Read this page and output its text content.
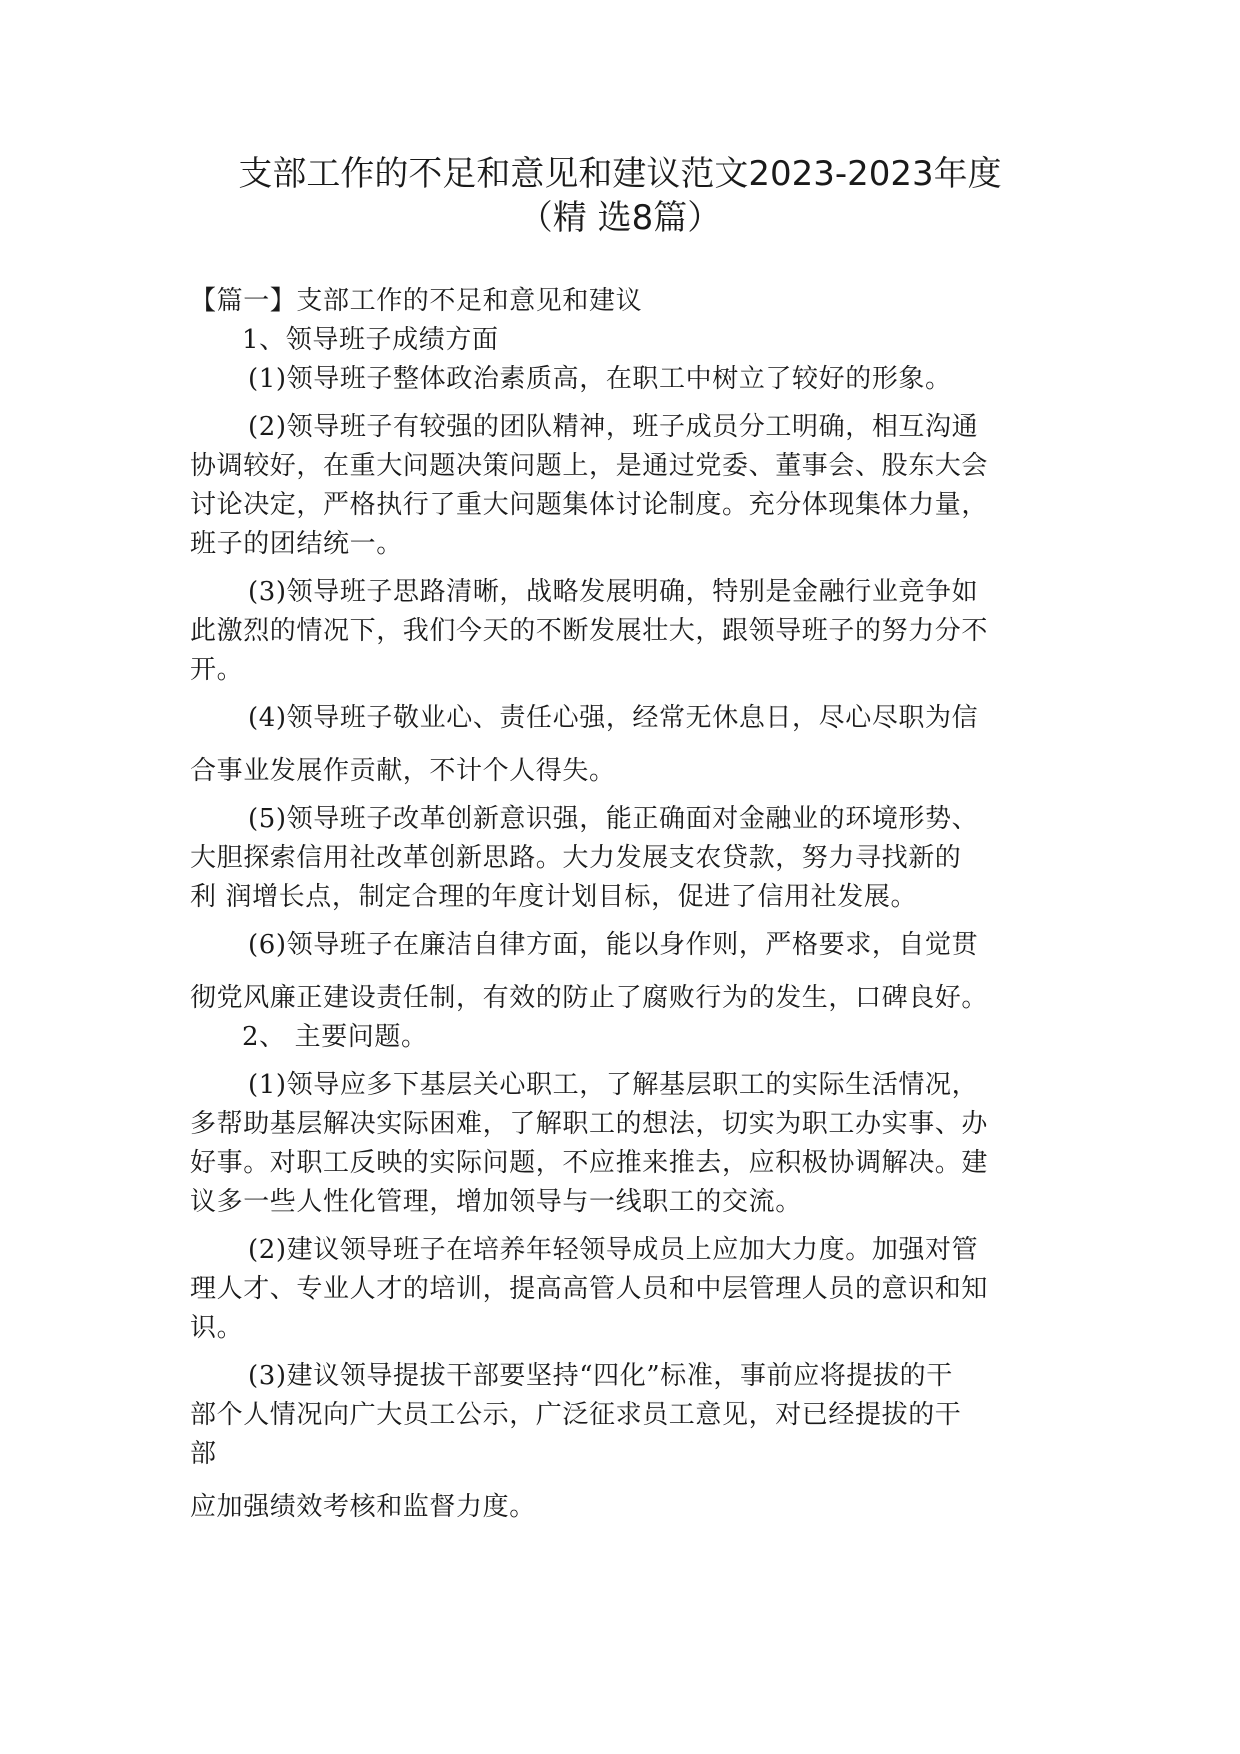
支部工作的不足和意见和建议范文2023-2023年度
（精 选8篇）

【篇一】支部工作的不足和意见和建议

1、领导班子成绩方面

(1)领导班子整体政治素质高，在职工中树立了较好的形象。

(2)领导班子有较强的团队精神，班子成员分工明确，相互沟通

协调较好，在重大问题决策问题上，是通过党委、董事会、股东大会

讨论决定，严格执行了重大问题集体讨论制度。充分体现集体力量，

班子的团结统一。

(3)领导班子思路清晰，战略发展明确，特别是金融行业竞争如

此激烈的情况下，我们今天的不断发展壮大，跟领导班子的努力分不

开。

(4)领导班子敬业心、责任心强，经常无休息日，尽心尽职为信

合事业发展作贡献，不计个人得失。

(5)领导班子改革创新意识强，能正确面对金融业的环境形势、

大胆探索信用社改革创新思路。大力发展支农贷款，努力寻找新的

利 润增长点，制定合理的年度计划目标，促进了信用社发展。

(6)领导班子在廉洁自律方面，能以身作则，严格要求，自觉贯

彻党风廉正建设责任制，有效的防止了腐败行为的发生，口碑良好。

2、 主要问题。

(1)领导应多下基层关心职工，了解基层职工的实际生活情况，

多帮助基层解决实际困难，了解职工的想法，切实为职工办实事、办

好事。对职工反映的实际问题，不应推来推去，应积极协调解决。建

议多一些人性化管理，增加领导与一线职工的交流。

(2)建议领导班子在培养年轻领导成员上应加大力度。加强对管

理人才、专业人才的培训，提高高管人员和中层管理人员的意识和知

识。

(3)建议领导提拔干部要坚持“四化”标准，事前应将提拔的干

部个人情况向广大员工公示，广泛征求员工意见，对已经提拔的干

部

应加强绩效考核和监督力度。
